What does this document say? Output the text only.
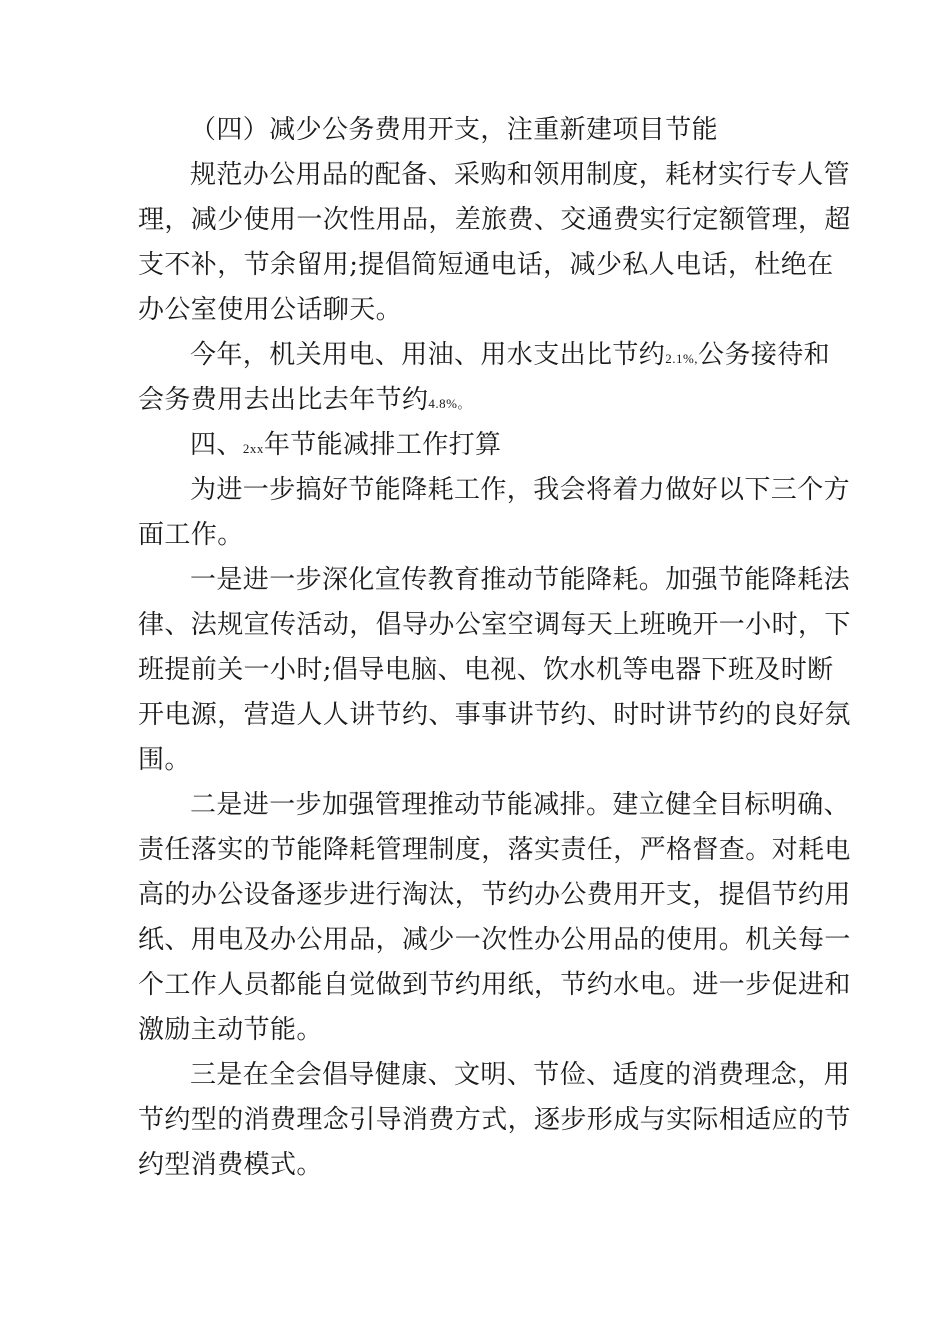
（四）减少公务费用开支，注重新建项目节能
规范办公用品的配备、采购和领用制度，耗材实行专人管
理，减少使用一次性用品，差旅费、交通费实行定额管理，超
支不补，节余留用;提倡简短通电话，减少私人电话，杜绝在
办公室使用公话聊天。
今年，机关用电、用油、用水支出比节约2.1%,公务接待和
会务费用去出比去年节约4.8%。
四、2xx年节能减排工作打算
为进一步搞好节能降耗工作，我会将着力做好以下三个方
面工作。
一是进一步深化宣传教育推动节能降耗。加强节能降耗法
律、法规宣传活动，倡导办公室空调每天上班晚开一小时，下
班提前关一小时;倡导电脑、电视、饮水机等电器下班及时断
开电源，营造人人讲节约、事事讲节约、时时讲节约的良好氛
围。
二是进一步加强管理推动节能减排。建立健全目标明确、
责任落实的节能降耗管理制度，落实责任，严格督查。对耗电
高的办公设备逐步进行淘汰，节约办公费用开支，提倡节约用
纸、用电及办公用品，减少一次性办公用品的使用。机关每一
个工作人员都能自觉做到节约用纸，节约水电。进一步促进和
激励主动节能。
三是在全会倡导健康、文明、节俭、适度的消费理念，用
节约型的消费理念引导消费方式，逐步形成与实际相适应的节
约型消费模式。
